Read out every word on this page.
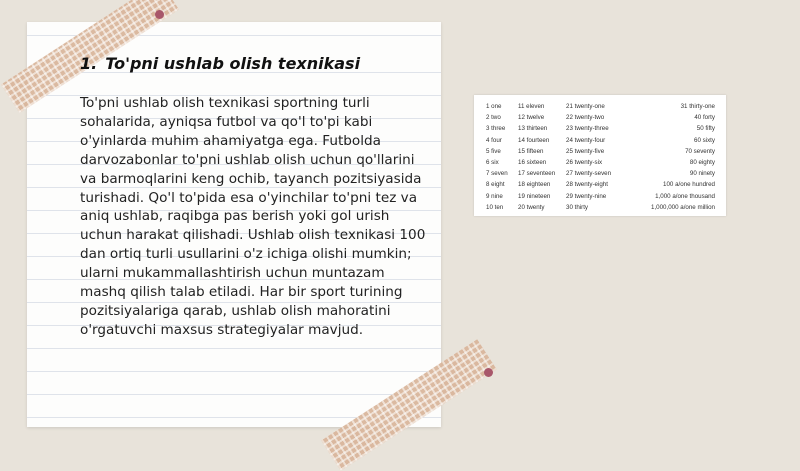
1. To'pni ushlab olish texnikasi

To'pni ushlab olish texnikasi sportning turli sohalarida, ayniqsa futbol va qo'l to'pi kabi o'yinlarda muhim ahamiyatga ega. Futbolda darvozabonlar to'pni ushlab olish uchun qo'llarini va barmoqlarini keng ochib, tayanch pozitsiyasida turishadi. Qo'l to'pida esa o'yinchilar to'pni tez va aniq ushlab, raqibga pas berish yoki gol urish uchun harakat qilishadi. Ushlab olish texnikasi 100 dan ortiq turli usullarini o'z ichiga olishi mumkin; ularni mukammallashtirish uchun muntazam mashq qilish talab etiladi. Har bir sport turining pozitsiyalariga qarab, ushlab olish mahoratini o'rgatuvchi maxsus strategiyalar mavjud.

1 one
2 two
3 three
4 four
5 five
6 six
7 seven
8 eight
9 nine
10 ten
11 eleven
12 twelve
13 thirteen
14 fourteen
15 fifteen
16 sixteen
17 seventeen
18 eighteen
19 nineteen
20 twenty
21 twenty-one
22 twenty-two
23 twenty-three
24 twenty-four
25 twenty-five
26 twenty-six
27 twenty-seven
28 twenty-eight
29 twenty-nine
30 thirty
31 thirty-one
40 forty
50 fifty
60 sixty
70 seventy
80 eighty
90 ninety
100 a/one hundred
1,000 a/one thousand
1,000,000 a/one million
